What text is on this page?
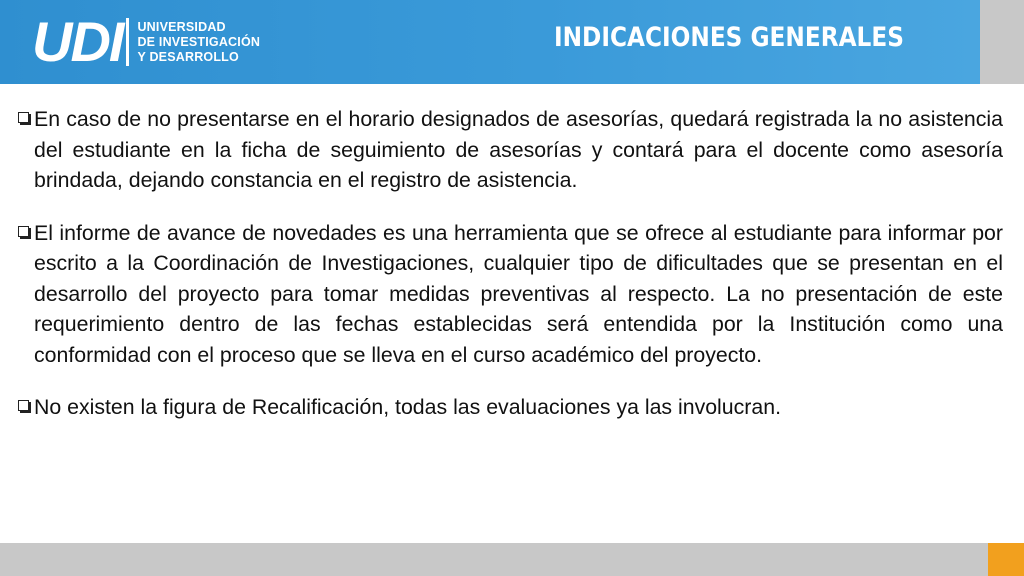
UDI UNIVERSIDAD
DE INVESTIGACIÓN
Y DESARROLLO
INDICACIONES GENERALES
En caso de no presentarse en el horario designados de asesorías, quedará registrada la no asistencia del estudiante en la ficha de seguimiento de asesorías y contará para el docente como asesoría brindada, dejando constancia en el registro de asistencia.
El informe de avance de novedades es una herramienta que se ofrece al estudiante para informar por escrito a la Coordinación de Investigaciones, cualquier tipo de dificultades que se presentan en el desarrollo del proyecto para tomar medidas preventivas al respecto. La no presentación de este requerimiento dentro de las fechas establecidas será entendida por la Institución como una conformidad con el proceso que se lleva en el curso académico del proyecto.
No existen la figura de Recalificación, todas las evaluaciones ya las involucran.
